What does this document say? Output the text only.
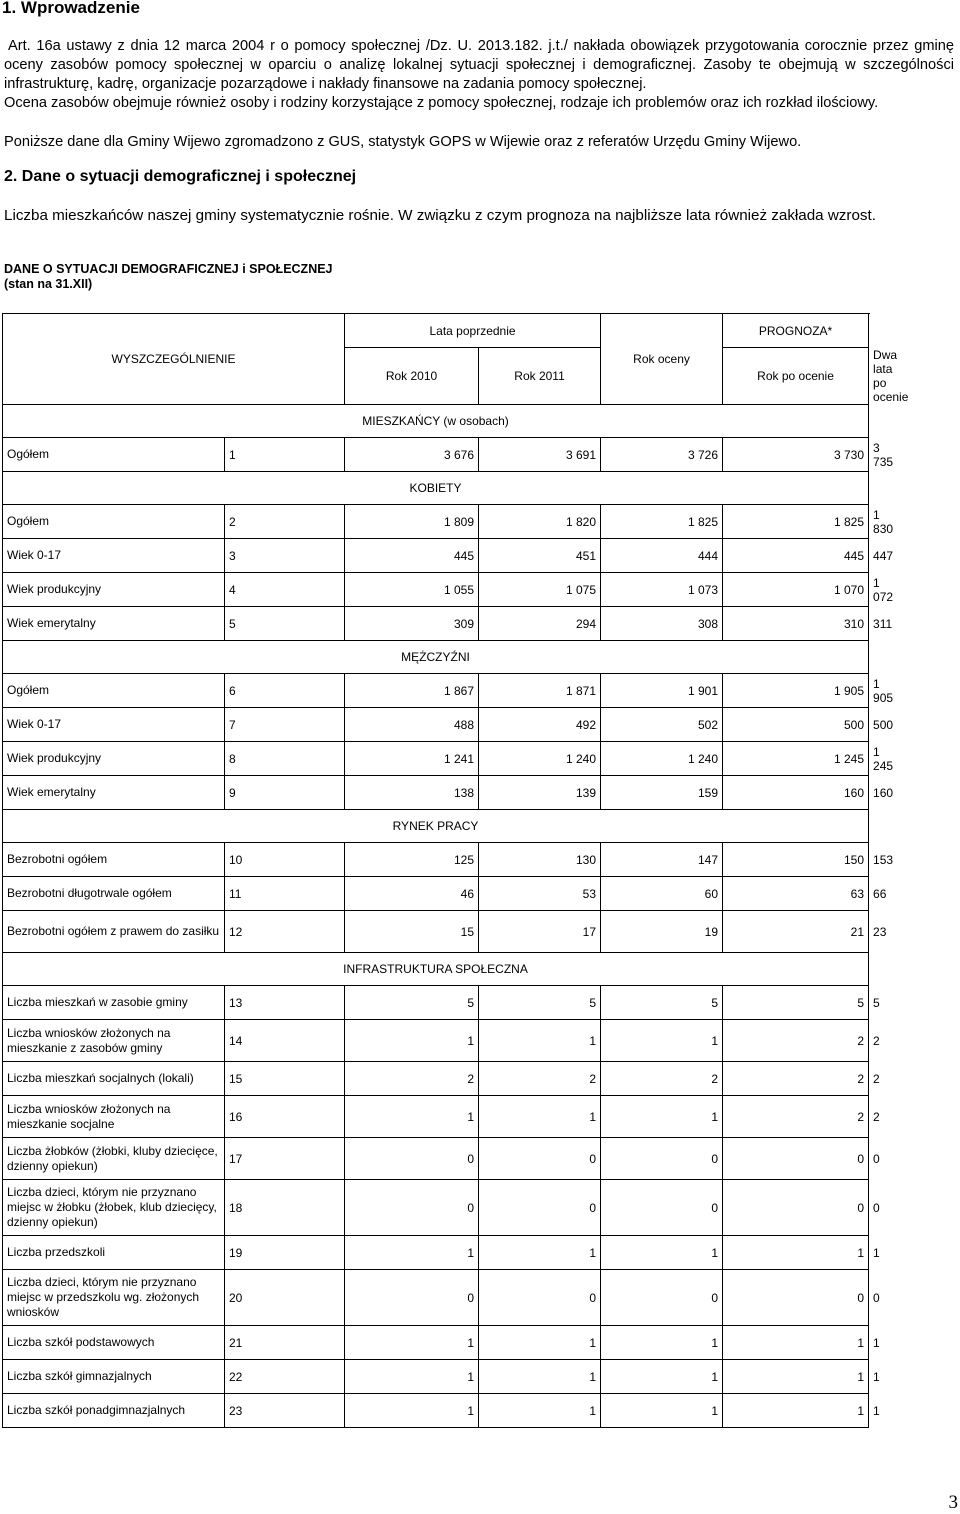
1. Wprowadzenie

Art. 16a ustawy z dnia 12 marca 2004 r o pomocy społecznej /Dz. U. 2013.182. j.t./ nakłada obowiązek przygotowania corocznie przez gminę oceny zasobów pomocy społecznej w oparciu o analizę lokalnej sytuacji społecznej i demograficznej. Zasoby te obejmują w szczególności infrastrukturę, kadrę, organizacje pozarządowe i nakłady finansowe na zadania pomocy społecznej.

Ocena zasobów obejmuje również osoby i rodziny korzystające z pomocy społecznej, rodzaje ich problemów oraz ich rozkład ilościowy.

Poniższe dane dla Gminy Wijewo zgromadzono z GUS, statystyk GOPS w Wijewie oraz z referatów Urzędu Gminy Wijewo.

2. Dane o sytuacji demograficznej i społecznej

Liczba mieszkańców naszej gminy systematycznie rośnie. W związku z czym prognoza na najbliższe lata również zakłada wzrost.

DANE O SYTUACJI DEMOGRAFICZNEJ i SPOŁECZNEJ
(stan na 31.XII)
WYSZCZEGÓLNIENIE		Lata poprzednie		Rok oceny	PROGNOZA*	
		Rok 2010	Rok 2011		Rok po ocenie	Dwa lata po ocenie
MIESZKAŃCY (w osobach)						
Ogółem	1	3 676	3 691	3 726	3 730	3 735
KOBIETY						
Ogółem	2	1 809	1 820	1 825	1 825	1 830
Wiek 0-17	3	445	451	444	445	447
Wiek produkcyjny	4	1 055	1 075	1 073	1 070	1 072
Wiek emerytalny	5	309	294	308	310	311
MĘŻCZYŹNI						
Ogółem	6	1 867	1 871	1 901	1 905	1 905
Wiek 0-17	7	488	492	502	500	500
Wiek produkcyjny	8	1 241	1 240	1 240	1 245	1 245
Wiek emerytalny	9	138	139	159	160	160
RYNEK PRACY						
Bezrobotni ogółem	10	125	130	147	150	153
Bezrobotni długotrwale ogółem	11	46	53	60	63	66
Bezrobotni ogółem z prawem do zasiłku	12	15	17	19	21	23
INFRASTRUKTURA SPOŁECZNA						
Liczba mieszkań w zasobie gminy	13	5	5	5	5	5
Liczba wniosków złożonych na mieszkanie z zasobów gminy	14	1	1	1	2	2
Liczba mieszkań socjalnych (lokali)	15	2	2	2	2	2
Liczba wniosków złożonych na mieszkanie socjalne	16	1	1	1	2	2
Liczba żłobków (żłobki, kluby dziecięce, dzienny opiekun)	17	0	0	0	0	0
Liczba dzieci, którym nie przyznano miejsc w żłobku (żłobek, klub dziecięcy, dzienny opiekun)	18	0	0	0	0	0
Liczba przedszkoli	19	1	1	1	1	1
Liczba dzieci, którym nie przyznano miejsc w przedszkolu wg. złożonych wniosków	20	0	0	0	0	0
Liczba szkół podstawowych	21	1	1	1	1	1
Liczba szkół gimnazjalnych	22	1	1	1	1	1
Liczba szkół ponadgimnazjalnych	23	1	1	1	1	1
3
